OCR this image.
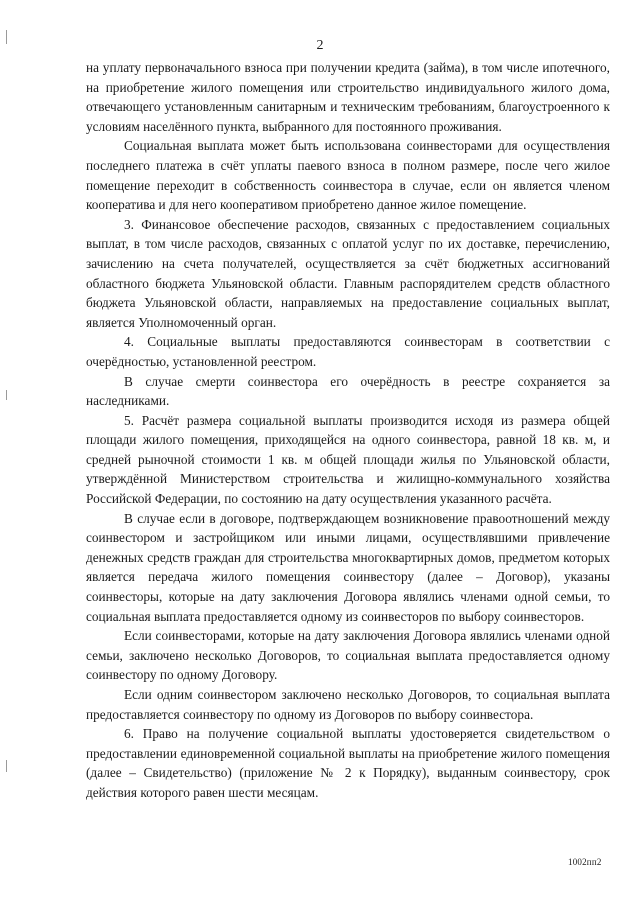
2

на уплату первоначального взноса при получении кредита (займа), в том числе ипотечного, на приобретение жилого помещения или строительство индивидуального жилого дома, отвечающего установленным санитарным и техническим требованиям, благоустроенного к условиям населённого пункта, выбранного для постоянного проживания.

Социальная выплата может быть использована соинвесторами для осуществления последнего платежа в счёт уплаты паевого взноса в полном размере, после чего жилое помещение переходит в собственность соинвестора в случае, если он является членом кооператива и для него кооперативом приобретено данное жилое помещение.

3. Финансовое обеспечение расходов, связанных с предоставлением социальных выплат, в том числе расходов, связанных с оплатой услуг по их доставке, перечислению, зачислению на счета получателей, осуществляется за счёт бюджетных ассигнований областного бюджета Ульяновской области. Главным распорядителем средств областного бюджета Ульяновской области, направляемых на предоставление социальных выплат, является Уполномоченный орган.

4. Социальные выплаты предоставляются соинвесторам в соответствии с очерёдностью, установленной реестром.

В случае смерти соинвестора его очерёдность в реестре сохраняется за наследниками.

5. Расчёт размера социальной выплаты производится исходя из размера общей площади жилого помещения, приходящейся на одного соинвестора, равной 18 кв. м, и средней рыночной стоимости 1 кв. м общей площади жилья по Ульяновской области, утверждённой Министерством строительства и жилищно-коммунального хозяйства Российской Федерации, по состоянию на дату осуществления указанного расчёта.

В случае если в договоре, подтверждающем возникновение правоотношений между соинвестором и застройщиком или иными лицами, осуществлявшими привлечение денежных средств граждан для строительства многоквартирных домов, предметом которых является передача жилого помещения соинвестору (далее – Договор), указаны соинвесторы, которые на дату заключения Договора являлись членами одной семьи, то социальная выплата предоставляется одному из соинвесторов по выбору соинвесторов.

Если соинвесторами, которые на дату заключения Договора являлись членами одной семьи, заключено несколько Договоров, то социальная выплата предоставляется одному соинвестору по одному Договору.

Если одним соинвестором заключено несколько Договоров, то социальная выплата предоставляется соинвестору по одному из Договоров по выбору соинвестора.

6. Право на получение социальной выплаты удостоверяется свидетельством о предоставлении единовременной социальной выплаты на приобретение жилого помещения (далее – Свидетельство) (приложение № 2 к Порядку), выданным соинвестору, срок действия которого равен шести месяцам.

1002пп2
